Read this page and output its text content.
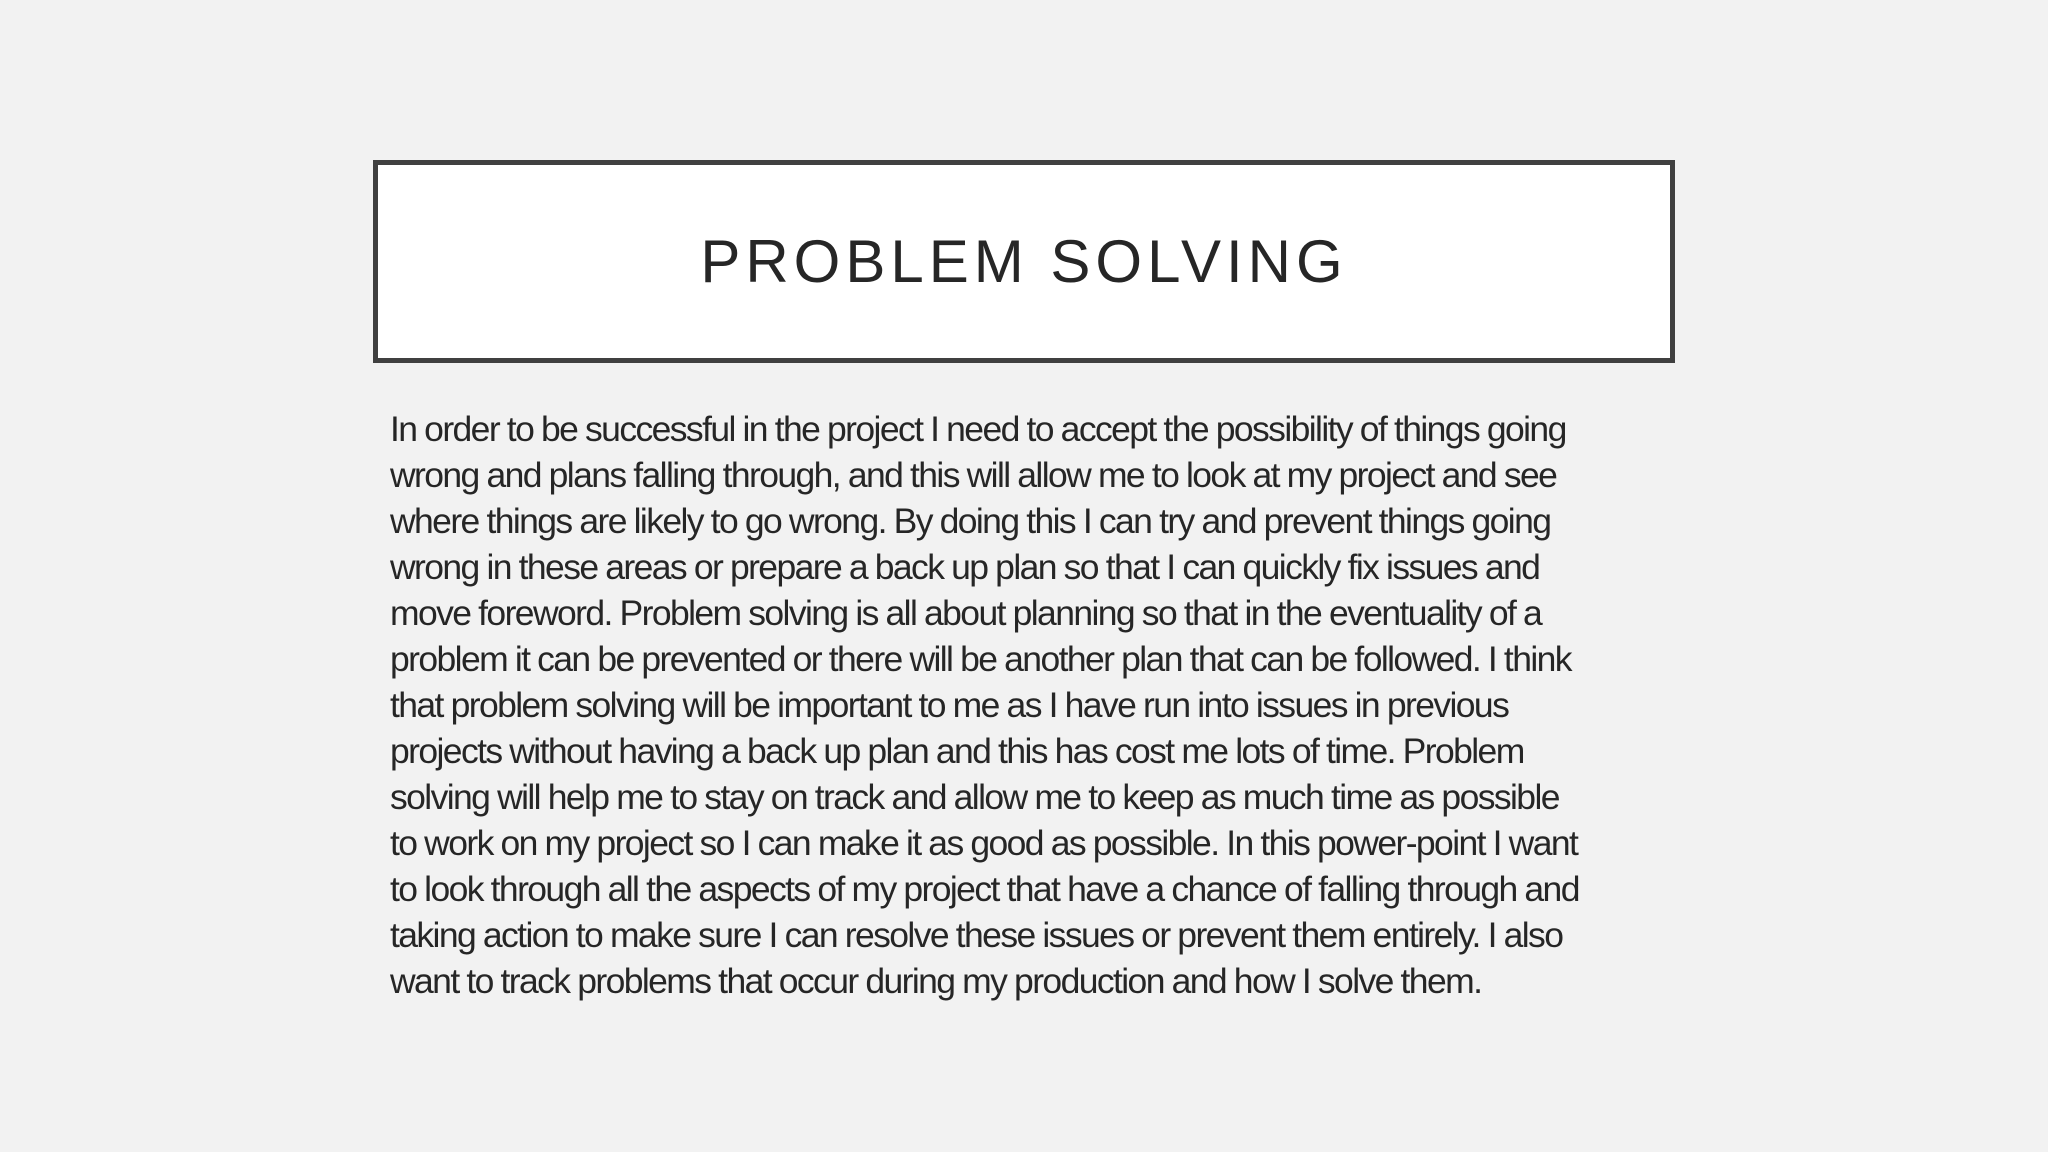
PROBLEM SOLVING
In order to be successful in the project I need to accept the possibility of things going
wrong and plans falling through, and this will allow me to look at my project and see
where things are likely to go wrong. By doing this I can try and prevent things going
wrong in these areas or prepare a back up plan so that I can quickly fix issues and
move foreword. Problem solving is all about planning so that in the eventuality of a
problem it can be prevented or there will be another plan that can be followed. I think
that problem solving will be important to me as I have run into issues in previous
projects without having a back up plan and this has cost me lots of time. Problem
solving will help me to stay on track and allow me to keep as much time as possible
to work on my project so I can make it as good as possible. In this power-point I want
to look through all the aspects of my project that have a chance of falling through and
taking action to make sure I can resolve these issues or prevent them entirely. I also
want to track problems that occur during my production and how I solve them.
